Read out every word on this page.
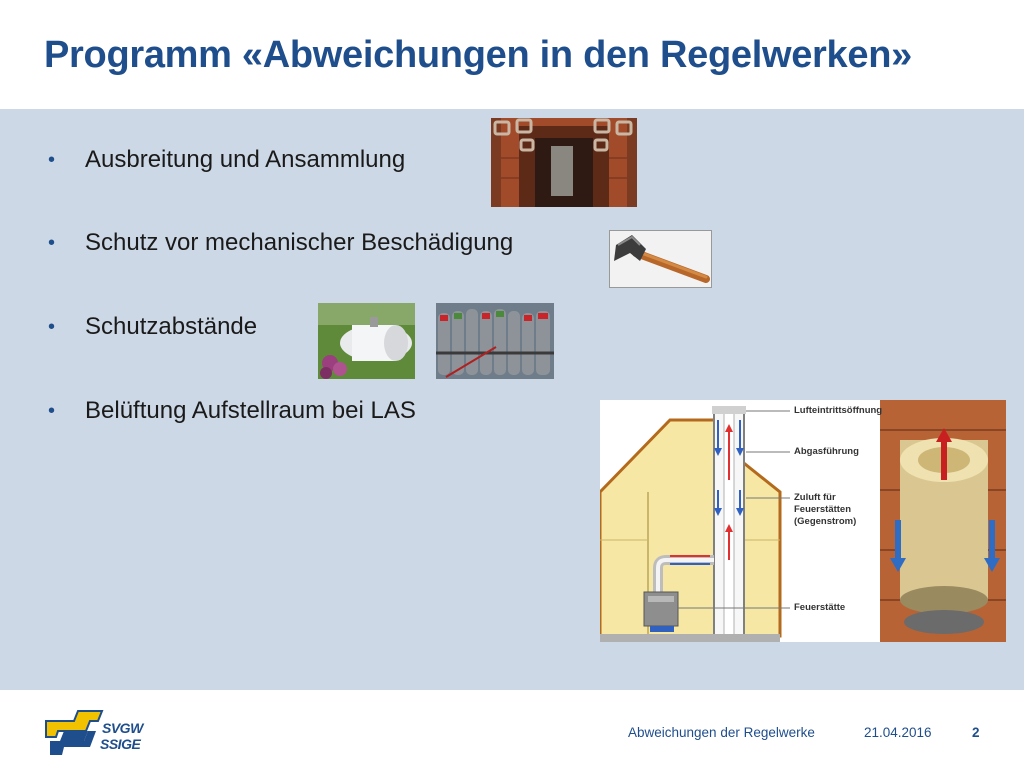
Programm «Abweichungen in den Regelwerken»
•	Ausbreitung und Ansammlung
•	Schutz vor mechanischer Beschädigung
•	Schutzabstände
•	Belüftung Aufstellraum bei LAS	Lufteintrittsöffnung
Abgasführung
Zuluft für
Feuerstätten
(Gegenstrom)
Feuerstätte
SVGW
SSIGE
Abweichungen der Regelwerke	21.04.2016	2
